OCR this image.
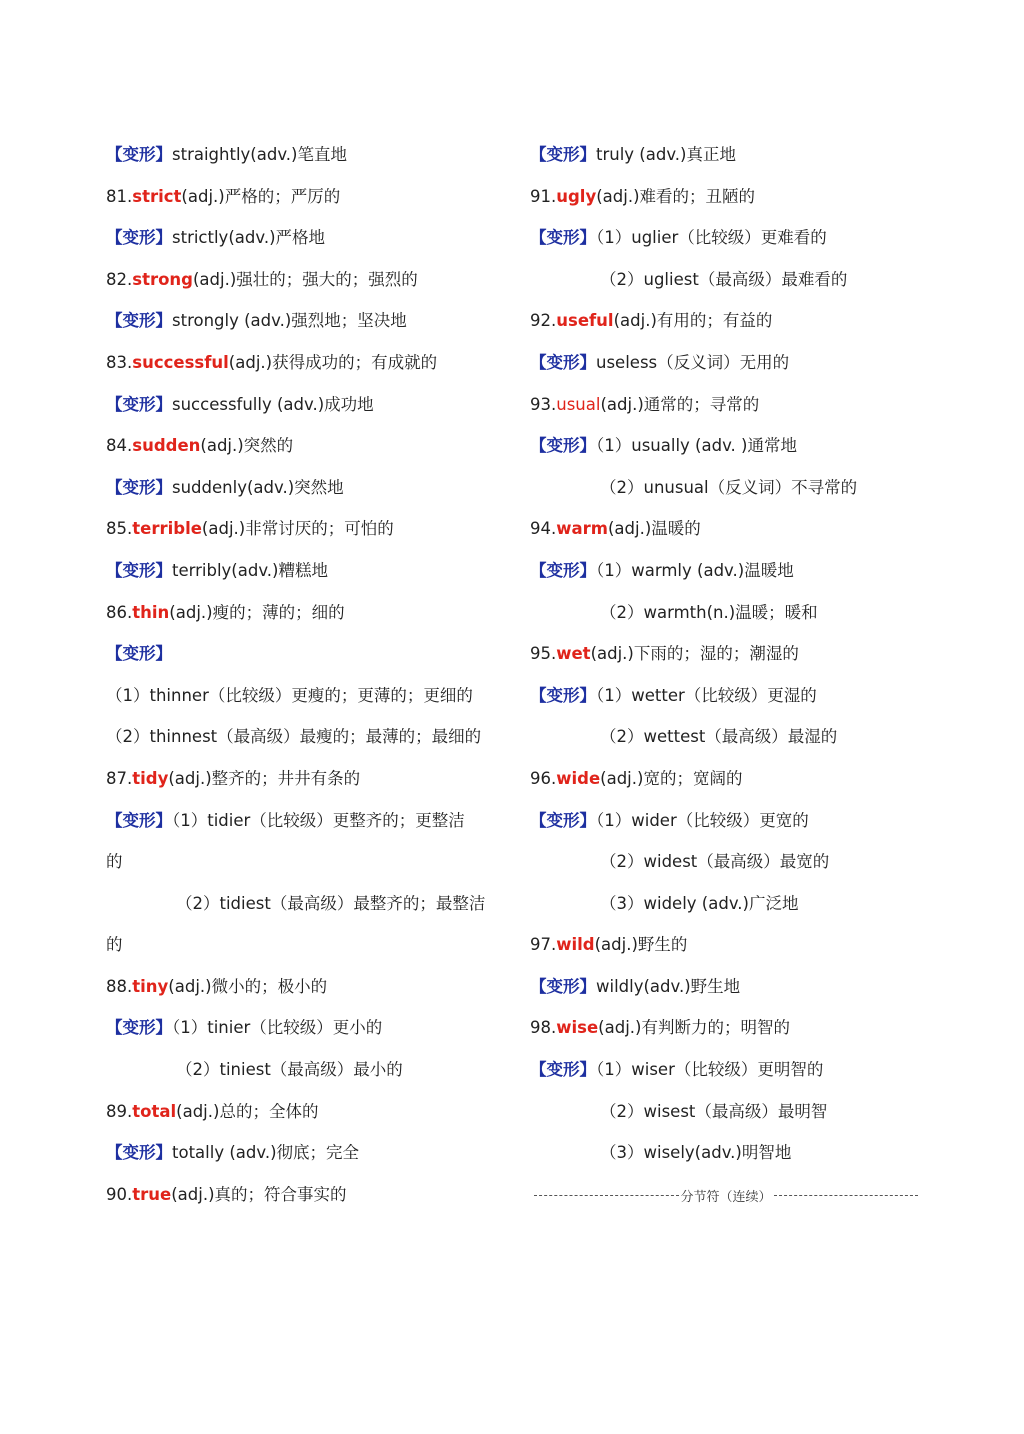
【变形】straightly(adv.)笔直地
81.strict(adj.)严格的；严厉的
【变形】strictly(adv.)严格地
82.strong(adj.)强壮的；强大的；强烈的
【变形】strongly (adv.)强烈地；坚决地
83.successful(adj.)获得成功的；有成就的
【变形】successfully (adv.)成功地
84.sudden(adj.)突然的
【变形】suddenly(adv.)突然地
85.terrible(adj.)非常讨厌的；可怕的
【变形】terribly(adv.)糟糕地
86.thin(adj.)瘦的；薄的；细的
【变形】
（1）thinner（比较级）更瘦的；更薄的；更细的
（2）thinnest（最高级）最瘦的；最薄的；最细的
87.tidy(adj.)整齐的；井井有条的
【变形】（1）tidier（比较级）更整齐的；更整洁
的
（2）tidiest（最高级）最整齐的；最整洁
的
88.tiny(adj.)微小的；极小的
【变形】（1）tinier（比较级）更小的
（2）tiniest（最高级）最小的
89.total(adj.)总的；全体的
【变形】totally (adv.)彻底；完全
90.true(adj.)真的；符合事实的
【变形】truly (adv.)真正地
91.ugly(adj.)难看的；丑陋的
【变形】（1）uglier（比较级）更难看的
（2）ugliest（最高级）最难看的
92.useful(adj.)有用的；有益的
【变形】useless（反义词）无用的
93.usual(adj.)通常的；寻常的
【变形】（1）usually (adv. )通常地
（2）unusual（反义词）不寻常的
94.warm(adj.)温暖的
【变形】（1）warmly (adv.)温暖地
（2）warmth(n.)温暖；暖和
95.wet(adj.)下雨的；湿的；潮湿的
【变形】（1）wetter（比较级）更湿的
（2）wettest（最高级）最湿的
96.wide(adj.)宽的；宽阔的
【变形】（1）wider（比较级）更宽的
（2）widest（最高级）最宽的
（3）widely (adv.)广泛地
97.wild(adj.)野生的
【变形】wildly(adv.)野生地
98.wise(adj.)有判断力的；明智的
【变形】（1）wiser（比较级）更明智的
（2）wisest（最高级）最明智
（3）wisely(adv.)明智地
分节符（连续）
